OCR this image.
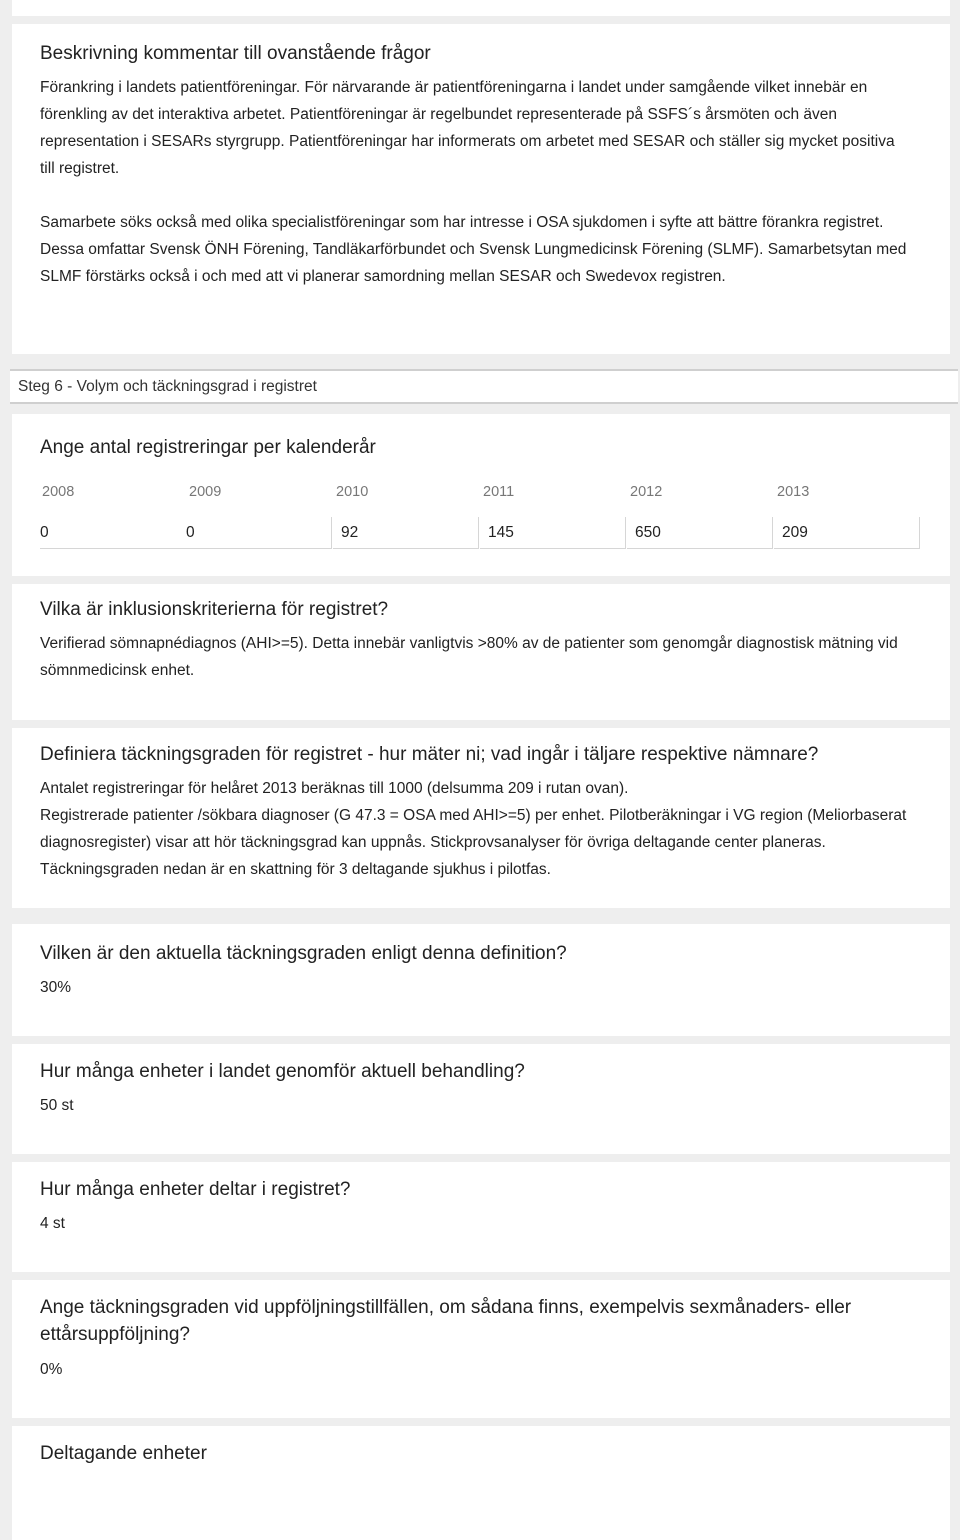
Beskrivning kommentar till ovanstående frågor

Förankring i landets patientföreningar. För närvarande är patientföreningarna i landet under samgående vilket innebär en förenkling av det interaktiva arbetet. Patientföreningar är regelbundet representerade på SSFS´s årsmöten och även representation i SESARs styrgrupp. Patientföreningar har informerats om arbetet med SESAR och ställer sig mycket positiva till registret.

Samarbete söks också med olika specialistföreningar som har intresse i OSA sjukdomen i syfte att bättre förankra registret. Dessa omfattar Svensk ÖNH Förening, Tandläkarförbundet och Svensk Lungmedicinsk Förening (SLMF). Samarbetsytan med SLMF förstärks också i och med att vi planerar samordning mellan SESAR och Swedevox registren.

Steg 6 - Volym och täckningsgrad i registret
Ange antal registreringar per kalenderår
2008	2009	2010	2011	2012	2013
0	0	92	145	650	209
Vilka är inklusionskriterierna för registret?
Verifierad sömnapnédiagnos (AHI>=5). Detta innebär vanligtvis >80% av de patienter som genomgår diagnostisk mätning vid sömnmedicinsk enhet.
Definiera täckningsgraden för registret - hur mäter ni; vad ingår i täljare respektive nämnare?

Antalet registreringar för helåret 2013 beräknas till 1000 (delsumma 209 i rutan ovan).

Registrerade patienter /sökbara diagnoser (G 47.3 = OSA med AHI>=5) per enhet. Pilotberäkningar i VG region (Meliorbaserat diagnosregister) visar att hör täckningsgrad kan uppnås. Stickprovsanalyser för övriga deltagande center planeras. Täckningsgraden nedan är en skattning för 3 deltagande sjukhus i pilotfas.

Vilken är den aktuella täckningsgraden enligt denna definition?
30%
Hur många enheter i landet genomför aktuell behandling?
50 st
Hur många enheter deltar i registret?
4 st
Ange täckningsgraden vid uppföljningstillfällen, om sådana finns, exempelvis sexmånaders- eller ettårsuppföljning?
0%
Deltagande enheter
